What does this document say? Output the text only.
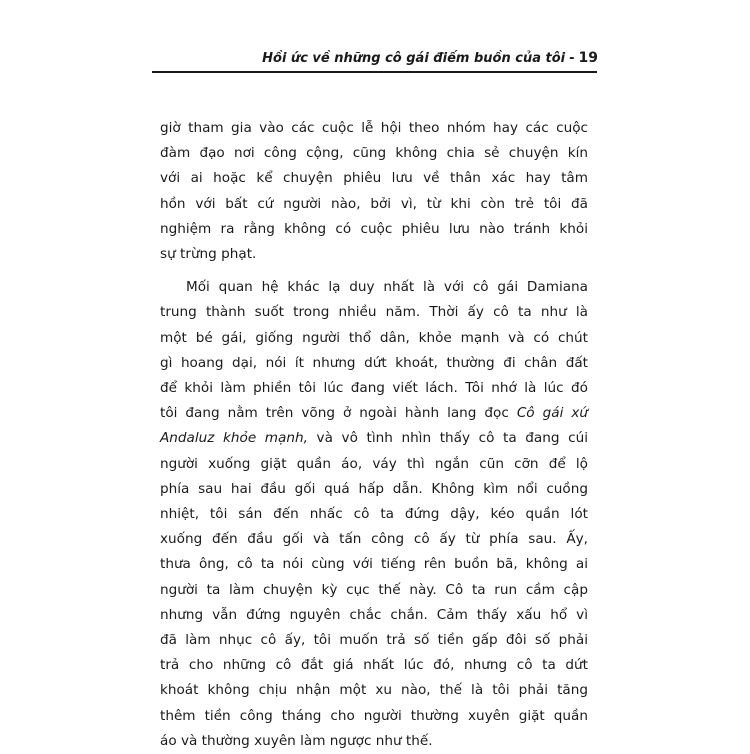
Hồi ức về những cô gái điếm buồn của tôi - 19

giờ tham gia vào các cuộc lễ hội theo nhóm hay các cuộc
đàm đạo nơi công cộng, cũng không chia sẻ chuyện kín
với ai hoặc kể chuyện phiêu lưu về thân xác hay tâm
hồn với bất cứ người nào, bởi vì, từ khi còn trẻ tôi đã
nghiệm ra rằng không có cuộc phiêu lưu nào tránh khỏi
sự trừng phạt.

Mối quan hệ khác lạ duy nhất là với cô gái Damiana
trung thành suốt trong nhiều năm. Thời ấy cô ta như là
một bé gái, giống người thổ dân, khỏe mạnh và có chút
gì hoang dại, nói ít nhưng dứt khoát, thường đi chân đất
để khỏi làm phiền tôi lúc đang viết lách. Tôi nhớ là lúc đó
tôi đang nằm trên võng ở ngoài hành lang đọc Cô gái xứ
Andaluz khỏe mạnh, và vô tình nhìn thấy cô ta đang cúi
người xuống giặt quần áo, váy thì ngắn cũn cỡn để lộ
phía sau hai đầu gối quá hấp dẫn. Không kìm nổi cuồng
nhiệt, tôi sán đến nhấc cô ta đứng dậy, kéo quần lót
xuống đến đầu gối và tấn công cô ấy từ phía sau. Ấy,
thưa ông, cô ta nói cùng với tiếng rên buồn bã, không ai
người ta làm chuyện kỳ cục thế này. Cô ta run cầm cập
nhưng vẫn đứng nguyên chắc chắn. Cảm thấy xấu hổ vì
đã làm nhục cô ấy, tôi muốn trả số tiền gấp đôi số phải
trả cho những cô đắt giá nhất lúc đó, nhưng cô ta dứt
khoát không chịu nhận một xu nào, thế là tôi phải tăng
thêm tiền công tháng cho người thường xuyên giặt quần
áo và thường xuyên làm ngược như thế.
